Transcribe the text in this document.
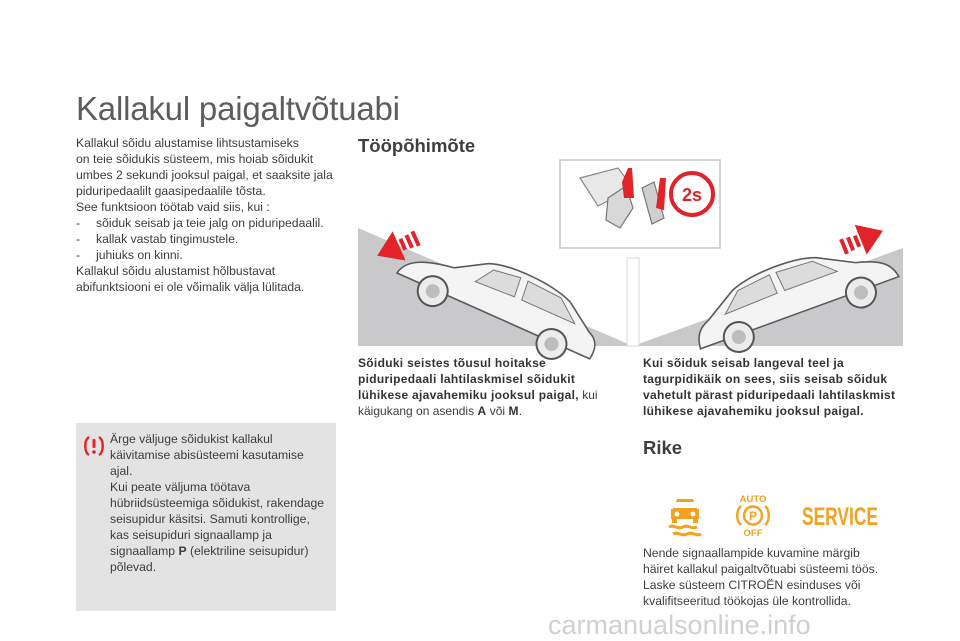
Kallakul paigaltvõtuabi

Kallakul sõidu alustamise lihtsustamiseks

on teie sõidukis süsteem, mis hoiab sõidukit

umbes 2 sekundi jooksul paigal, et saaksite jala

piduripedaalilt gaasipedaalile tõsta.

See funktsioon töötab vaid siis, kui :

-	sõiduk seisab ja teie jalg on piduripedaalil.
-	kallak vastab tingimustele.
-	juhiuks on kinni.

Kallakul sõidu alustamist hõlbustavat

abifunktsiooni ei ole võimalik välja lülitada.

Ärge väljuge sõidukist kallakul

käivitamise abisüsteemi kasutamise

ajal.

Kui peate väljuma töötava

hübriidsüsteemiga sõidukist, rakendage

seisupidur käsitsi. Samuti kontrollige,

kas seisupiduri signaallamp ja

signaallamp P (elektriline seisupidur)

põlevad.

Tööpõhimõte
2s
Sõiduki seistes tõusul hoitakse
piduripedaali lahtilaskmisel sõidukit
lühikese ajavahemiku jooksul paigal, kui
käigukang on asendis A või M.
Kui sõiduk seisab langeval teel ja
tagurpidikäik on sees, siis seisab sõiduk
vahetult pärast piduripedaali lahtilaskmist
lühikese ajavahemiku jooksul paigal.
Rike
AUTO
P
OFF
SERVICE
Nende signaallampide kuvamine märgib
häiret kallakul paigaltvõtuabi süsteemi töös.
Laske süsteem CITROËN esinduses või
kvalifitseeritud töökojas üle kontrollida.
carmanualsonline.info
